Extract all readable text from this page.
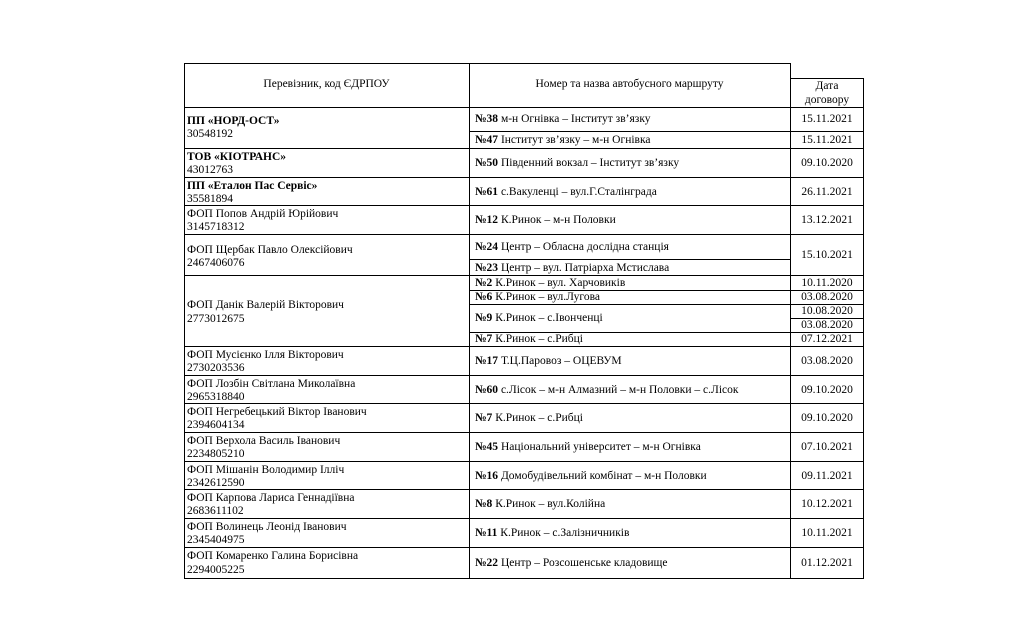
Перевізник, код ЄДРПОУ	Номер та назва автобусного маршруту	Дата
договору
ПП «НОРД-ОСТ»
30548192
ТОВ «КІОТРАНС»
43012763
ПП «Еталон Пас Сервіс»
35581894
ФОП Попов Андрій Юрійович
3145718312
ФОП Щербак Павло Олексійович
2467406076
ФОП Данік Валерій Вікторович
2773012675
ФОП Мусієнко Ілля Вікторович
2730203536
ФОП Лозбін Світлана Миколаївна
2965318840
ФОП Негребецький Віктор Іванович
2394604134
ФОП Верхола Василь Іванович
2234805210
ФОП Мішанін Володимир Ілліч
2342612590
ФОП Карпова Лариса Геннадіївна
2683611102
ФОП Волинець Леонід Іванович
2345404975
ФОП Комаренко Галина Борисівна
2294005225
№38 м-н Огнівка – Інститут зв’язку
№47 Інститут зв’язку – м-н Огнівка
№50 Південний вокзал – Інститут зв’язку
№61 с.Вакуленці – вул.Г.Сталінграда
№12 К.Ринок – м-н Половки
№24 Центр – Обласна дослідна станція
№23 Центр – вул. Патріарха Мстислава
№2 К.Ринок – вул. Харчовиків
№6 К.Ринок – вул.Лугова
№9 К.Ринок – с.Івонченці
№7 К.Ринок – с.Рибці
№17 Т.Ц.Паровоз – ОЦЕВУМ
№60 с.Лісок – м-н Алмазний – м-н Половки – с.Лісок
№7 К.Ринок – с.Рибці
№45 Національний університет – м-н Огнівка
№16 Домобудівельний комбінат – м-н Половки
№8 К.Ринок – вул.Колійна
№11 К.Ринок – с.Залізничників
№22 Центр – Розсошенське кладовище
15.11.2021
15.11.2021
09.10.2020
26.11.2021
13.12.2021
15.10.2021
10.11.2020
03.08.2020
10.08.2020
03.08.2020
07.12.2021
03.08.2020
09.10.2020
09.10.2020
07.10.2021
09.11.2021
10.12.2021
10.11.2021
01.12.2021
